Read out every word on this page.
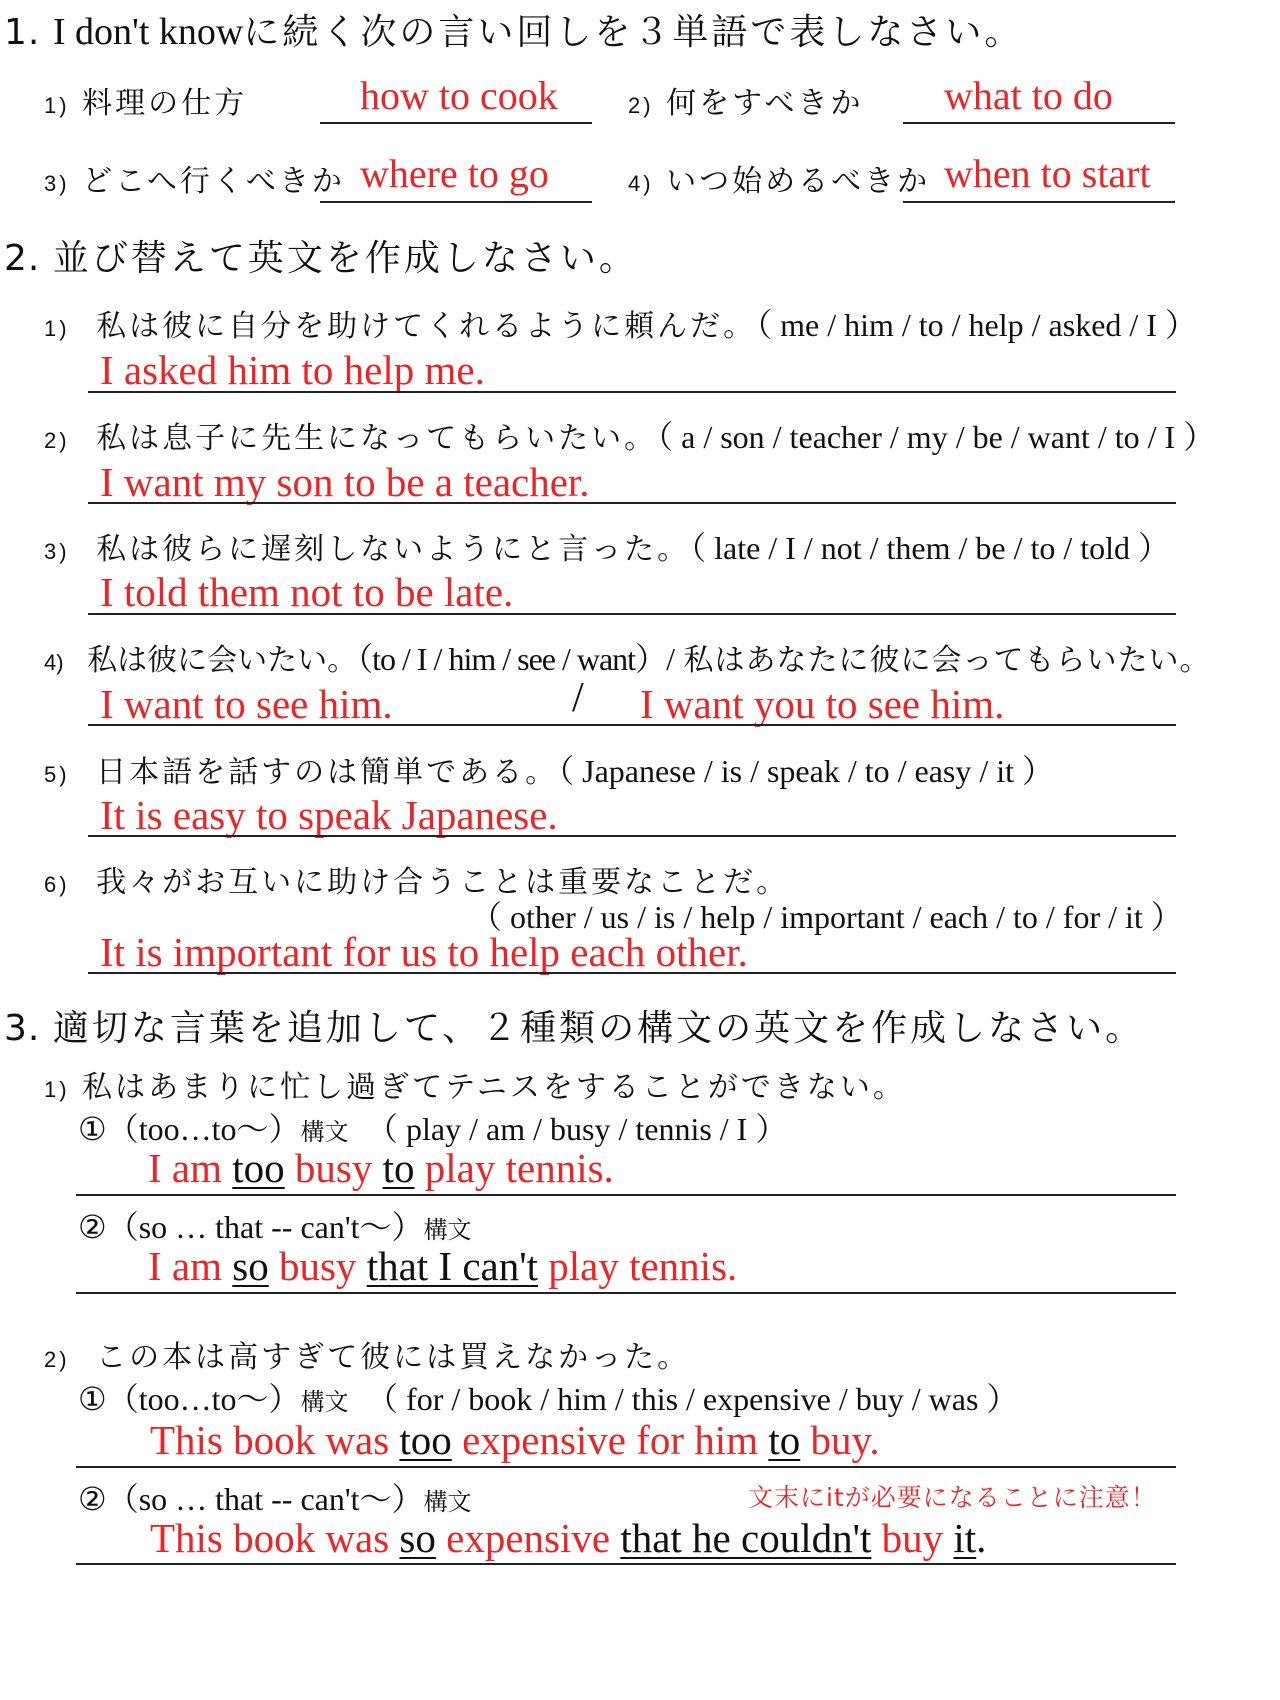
1. I don't knowに続く次の言い回しを３単語で表しなさい。
1) 料理の仕方	how to cook	2) 何をすべきか what to do
3) どこへ行くべきか where to go	4) いつ始めるべきか when to start
2. 並び替えて英文を作成しなさい。
1) 私は彼に自分を助けてくれるように頼んだ。（ me / him / to / help / asked / I ）
I asked him to help me.
2) 私は息子に先生になってもらいたい。（ a / son / teacher / my / be / want / to / I ）
I want my son to be a teacher.
3) 私は彼らに遅刻しないようにと言った。（ late / I / not / them / be / to / told ）
I told them not to be late.
4) 私は彼に会いたい。（to / I / him / see / want）/ 私はあなたに彼に会ってもらいたい。
I want to see him.	/ I want you to see him.
5) 日本語を話すのは簡単である。（ Japanese / is / speak / to / easy / it ）
It is easy to speak Japanese.
6) 我々がお互いに助け合うことは重要なことだ。
（ other / us / is / help / important / each / to / for / it ）
It is important for us to help each other.
3. 適切な言葉を追加して、２種類の構文の英文を作成しなさい。
1) 私はあまりに忙し過ぎてテニスをすることができない。
①（too…to～）構文 （ play / am / busy / tennis / I ）
I am too busy to play tennis.
②（so … that -- can't～）構文
I am so busy that I can't play tennis.
2) この本は高すぎて彼には買えなかった。
①（too…to～）構文 （ for / book / him / this / expensive / buy / was ）
This book was too expensive for him to buy.
②（so … that -- can't～）構文	文末にitが必要になることに注意！
This book was so expensive that he couldn't buy it.
